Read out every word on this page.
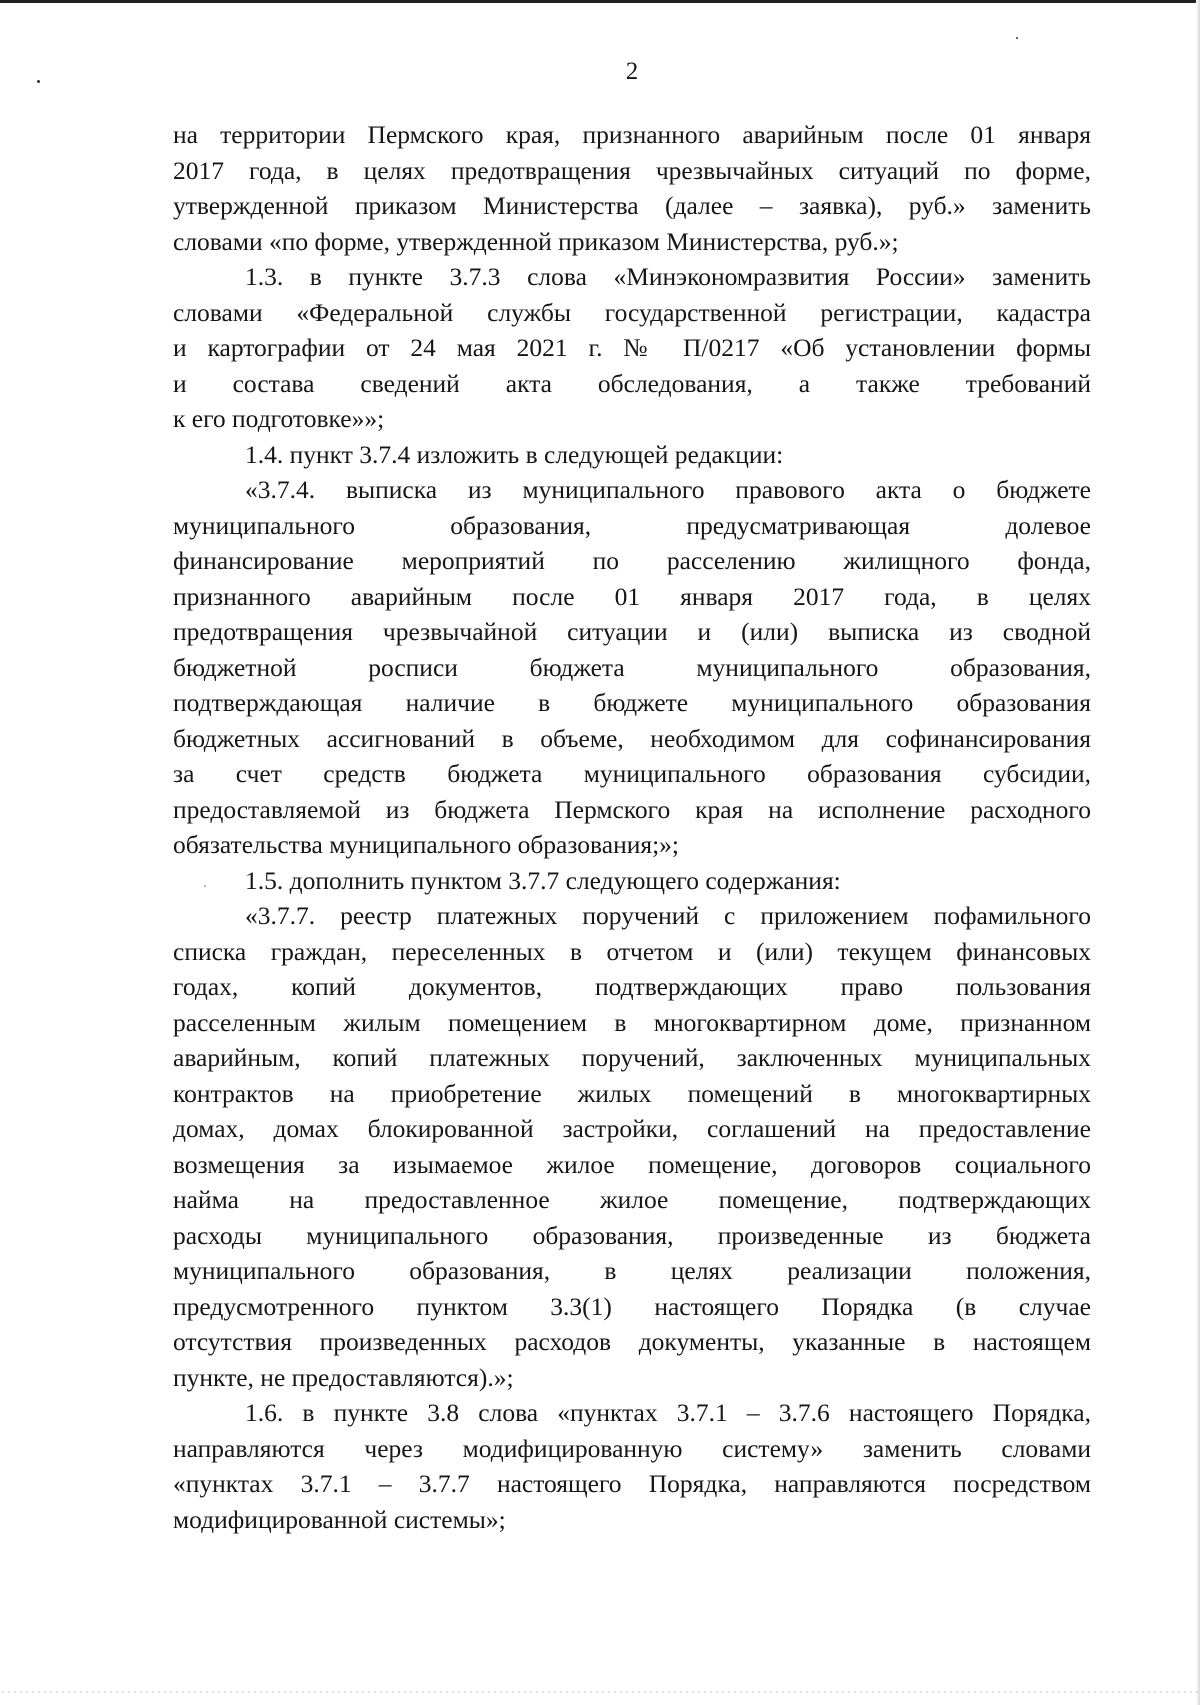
2
на территории Пермского края, признанного аварийным после 01 января
2017 года, в целях предотвращения чрезвычайных ситуаций по форме,
утвержденной приказом Министерства (далее – заявка), руб.» заменить
словами «по форме, утвержденной приказом Министерства, руб.»;
1.3. в пункте 3.7.3 слова «Минэкономразвития России» заменить
словами «Федеральной службы государственной регистрации, кадастра
и картографии от 24 мая 2021 г. № П/0217 «Об установлении формы
и состава сведений акта обследования, а также требований
к его подготовке»»;
1.4. пункт 3.7.4 изложить в следующей редакции:
«3.7.4. выписка из муниципального правового акта о бюджете
муниципального образования, предусматривающая долевое
финансирование мероприятий по расселению жилищного фонда,
признанного аварийным после 01 января 2017 года, в целях
предотвращения чрезвычайной ситуации и (или) выписка из сводной
бюджетной росписи бюджета муниципального образования,
подтверждающая наличие в бюджете муниципального образования
бюджетных ассигнований в объеме, необходимом для софинансирования
за счет средств бюджета муниципального образования субсидии,
предоставляемой из бюджета Пермского края на исполнение расходного
обязательства муниципального образования;»;
1.5. дополнить пунктом 3.7.7 следующего содержания:
«3.7.7. реестр платежных поручений с приложением пофамильного
списка граждан, переселенных в отчетом и (или) текущем финансовых
годах, копий документов, подтверждающих право пользования
расселенным жилым помещением в многоквартирном доме, признанном
аварийным, копий платежных поручений, заключенных муниципальных
контрактов на приобретение жилых помещений в многоквартирных
домах, домах блокированной застройки, соглашений на предоставление
возмещения за изымаемое жилое помещение, договоров социального
найма на предоставленное жилое помещение, подтверждающих
расходы муниципального образования, произведенные из бюджета
муниципального образования, в целях реализации положения,
предусмотренного пунктом 3.3(1) настоящего Порядка (в случае
отсутствия произведенных расходов документы, указанные в настоящем
пункте, не предоставляются).»;
1.6. в пункте 3.8 слова «пунктах 3.7.1 – 3.7.6 настоящего Порядка,
направляются через модифицированную систему» заменить словами
«пунктах 3.7.1 – 3.7.7 настоящего Порядка, направляются посредством
модифицированной системы»;
